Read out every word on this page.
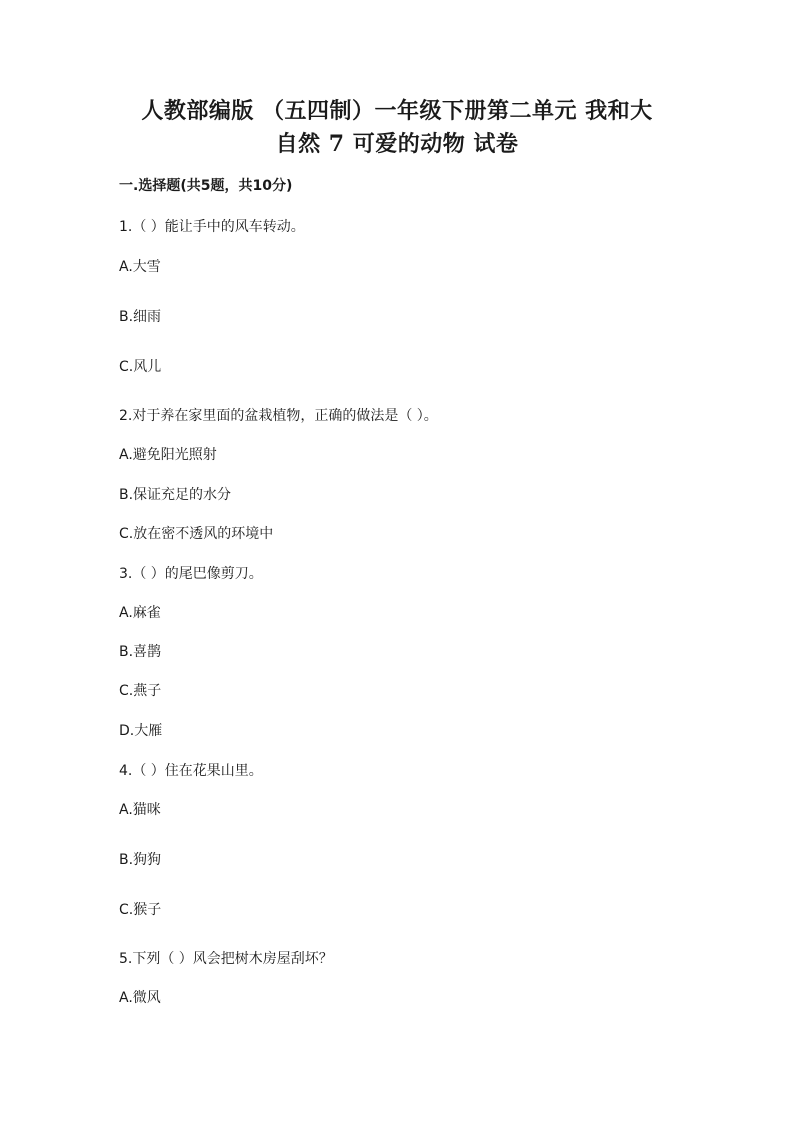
人教部编版 （五四制）一年级下册第二单元 我和大
自然 7 可爱的动物 试卷
一.选择题(共5题，共10分)
1.（ ）能让手中的风车转动。
A.大雪
B.细雨
C.风儿
2.对于养在家里面的盆栽植物，正确的做法是（ ）。
A.避免阳光照射
B.保证充足的水分
C.放在密不透风的环境中
3.（ ）的尾巴像剪刀。
A.麻雀
B.喜鹊
C.燕子
D.大雁
4.（ ）住在花果山里。
A.猫咪
B.狗狗
C.猴子
5.下列（ ）风会把树木房屋刮坏？
A.微风
